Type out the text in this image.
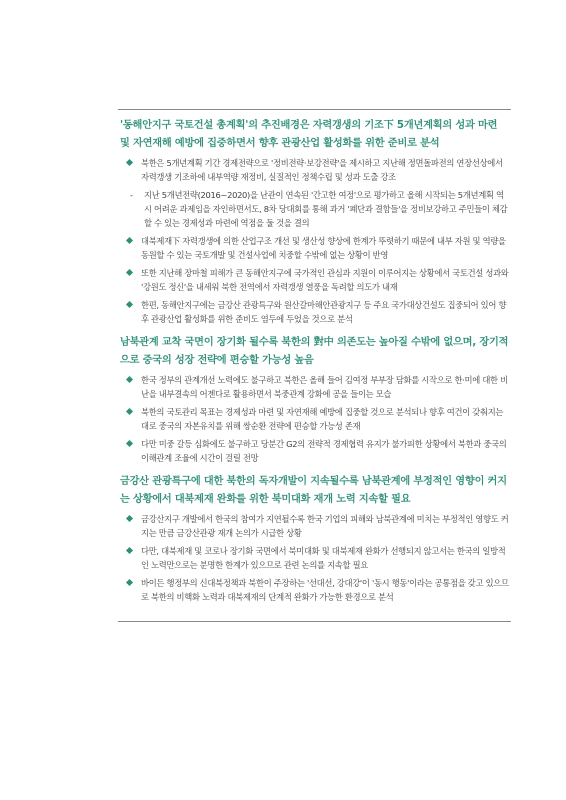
'동해안지구 국토건설 총계획'의 추진배경은 자력갱생의 기조下 5개년계획의 성과 마련 및 자연재해 예방에 집중하면서 향후 관광산업 활성화를 위한 준비로 분석
북한은 5개년계획 기간 경제전략으로 '정비전략·보강전략'을 제시하고 지난해 정면돌파전의 연장선상에서 자력갱생 기조하에 내부역량 재정비, 실질적인 정책수립 및 성과 도출 강조
- 지난 5개년전략(2016~2020)을 난관이 연속된 '간고한 여정'으로 평가하고 올해 시작되는 5개년계획 역시 어려운 과제임을 자인하면서도, 8차 당대회를 통해 과거 '폐단과 결함들'을 정비보강하고 주민들이 체감할 수 있는 경제성과 마련에 역점을 둘 것을 결의
대북제재下 자력갱생에 의한 산업구조 개선 및 생산성 향상에 한계가 뚜렷하기 때문에 내부 자원 및 역량을 동원할 수 있는 국토개발 및 건설사업에 치중할 수밖에 없는 상황이 반영
또한 지난해 장마철 피해가 큰 동해안지구에 국가적인 관심과 지원이 이루어지는 상황에서 국토건설 성과와 '강원도 정신'을 내세워 북한 전역에서 자력갱생 열풍을 독려할 의도가 내재
한편, 동해안지구에는 금강산 관광특구와 원산갈마해안관광지구 등 주요 국가대상건설도 집중되어 있어 향후 관광산업 활성화를 위한 준비도 염두에 두었을 것으로 분석
남북관계 교착 국면이 장기화 될수록 북한의 對中 의존도는 높아질 수밖에 없으며, 장기적으로 중국의 성장 전략에 편승할 가능성 높음
한국 정부의 관계개선 노력에도 불구하고 북한은 올해 들어 김여정 부부장 담화를 시작으로 한·미에 대한 비난을 내부결속의 어젠다로 활용하면서 북중관계 강화에 공을 들이는 모습
북한의 국토관리 목표는 경제성과 마련 및 자연재해 예방에 집중할 것으로 분석되나 향후 여건이 갖춰지는 대로 중국의 자본유치를 위해 쌍순환 전략에 편승할 가능성 존재
다만 미중 갈등 심화에도 불구하고 당분간 G2의 전략적 경제협력 유지가 불가피한 상황에서 북한과 중국의 이해관계 조율에 시간이 걸릴 전망
금강산 관광특구에 대한 북한의 독자개발이 지속될수록 남북관계에 부정적인 영향이 커지는 상황에서 대북제재 완화를 위한 북미대화 재개 노력 지속할 필요
금강산지구 개발에서 한국의 참여가 지연될수록 한국 기업의 피해와 남북관계에 미치는 부정적인 영향도 커지는 만큼 금강산관광 재개 논의가 시급한 상황
다만, 대북제재 및 코로나 장기화 국면에서 북미대화 및 대북제재 완화가 선행되지 않고서는 한국의 일방적인 노력만으로는 분명한 한계가 있으므로 관련 논의를 지속할 필요
바이든 행정부의 신대북정책과 북한이 주장하는 '선대선, 강대강'이 '동시 행동'이라는 공통점을 갖고 있으므로 북한의 비핵화 노력과 대북제재의 단계적 완화가 가능한 환경으로 분석
